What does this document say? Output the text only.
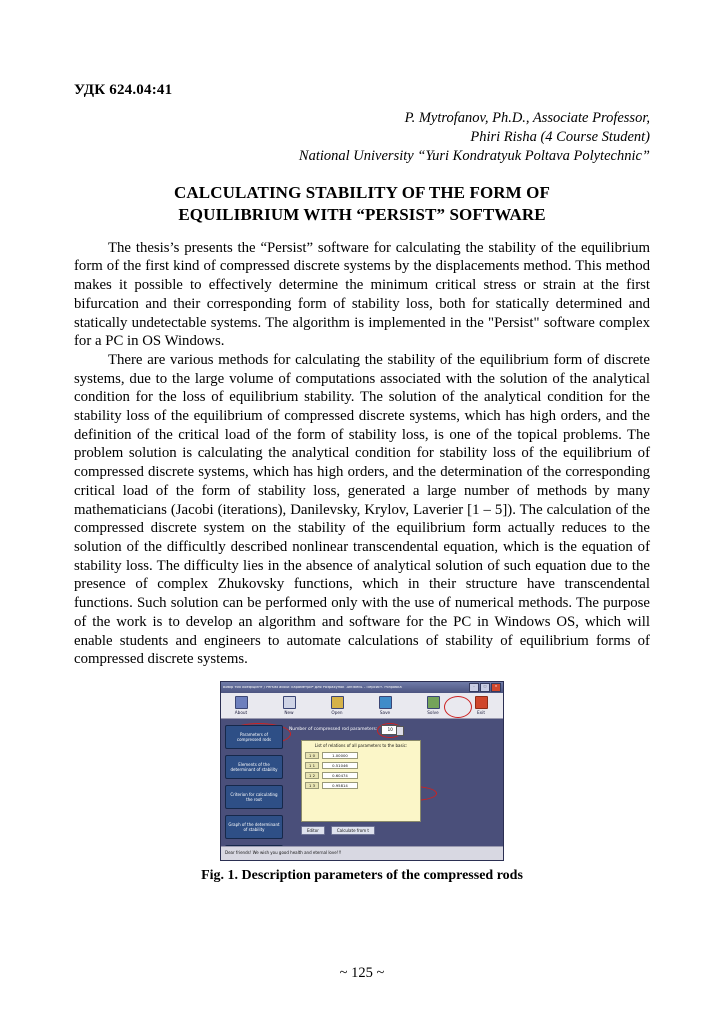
УДК 624.04:41
P. Mytrofanov, Ph.D., Associate Professor,
Phiri Risha (4 Course Student)
National University “Yuri Kondratyuk Poltava Polytechnic”
CALCULATING STABILITY OF THE FORM OF
EQUILIBRIUM WITH “PERSIST” SOFTWARE

The thesis’s presents the “Persist” software for calculating the stability of the equilibrium form of the first kind of compressed discrete systems by the displacements method. This method makes it possible to effectively determine the minimum critical stress or strain at the first bifurcation and their corresponding form of stability loss, both for statically determined and statically undetectable systems. The algorithm is implemented in the "Persist" software complex for a PC in OS Windows.

There are various methods for calculating the stability of the equilibrium form of discrete systems, due to the large volume of computations associated with the solution of the analytical condition for the loss of equilibrium stability. The solution of the analytical condition for the stability loss of the equilibrium of compressed discrete systems, which has high orders, and the definition of the critical load of the form of stability loss, is one of the topical problems. The problem solution is calculating the analytical condition for stability loss of the equilibrium of compressed discrete systems, which has high orders, and the determination of the corresponding critical load of the form of stability loss, generated a large number of methods by many mathematicians (Jacobi (iterations), Danilevsky, Krylov, Laverier [1 – 5]). The calculation of the compressed discrete system on the stability of the equilibrium form actually reduces to the solution of the difficultly described nonlinear transcendental equation, which is the equation of stability loss. The difficulty lies in the absence of analytical solution of such equation due to the presence of complex Zhukovsky functions, which in their structure have transcendental functions. Such solution can be performed only with the use of numerical methods. The purpose of the work is to develop an algorithm and software for the PC in Windows OS, which will enable students and engineers to automate calculations of stability of equilibrium forms of compressed discrete systems.

Вибір тих коефіцієнт / Persist about Параметри* для Розрахунок .untitled1 - Персист. Розробка	–	□	✕
About	New	Open	Save	Solve	Exit
Parameters of compressed rods
Elements of the determinant of stability
Criterion for calculating the root
Graph of the determinant of stability
Number of compressed rod parameters:	10
List of relations of all parameters to the basic:
1 0	1.00000
1 1	0.51046
1 2	0.60474
1 3	0.95814
Editor	Calculate from t
Dear friends! We wish you good health and eternal love!!!
Fig. 1. Description parameters of the compressed rods
~ 125 ~
